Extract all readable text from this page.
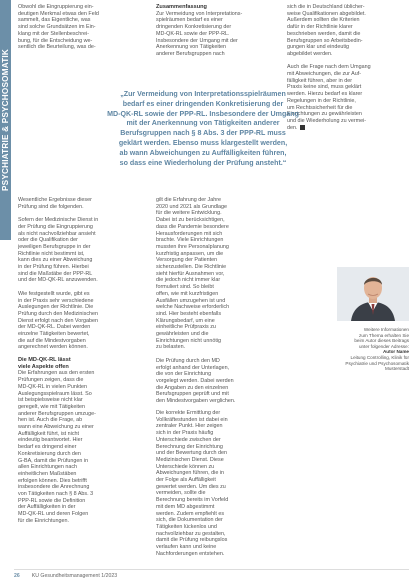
PSYCHIATRIE & PSYCHOSOMATIK
Obwohl die Eingruppierung ein-
deutigen Merkmal etwas den Feld
sammelt, das Eigentliche, was
sind solche Grundsätzen im Ein-
klang mit der Stellenbeschrei-
bung, für die Entscheidung we-
sentlich die Beurteilung, was de-
Zusammenfassung
Zur Vermeidung von Interpretations-
spielräumen bedarf es einer
dringenden Konkretisierung der
MD-QK-RL sowie der PPP-RL.
Insbesondere der Umgang mit der
Anerkennung von Tätigkeiten
anderer Berufsgruppen nach
sich die in Deutschland üblicher-
weise Qualifikationen abgebildet.
Außerdem sollten die Kriterien
dafür in der Richtlinie klarer
beschrieben werden, damit die
Berufsgruppen so Arbeitsbedin-
gungen klar und eindeutig
abgebildet werden.

Auch die Frage nach dem Umgang
mit Abweichungen, die zur Auf-
fälligkeit führen, aber in der
Praxis keine sind, muss geklärt
werden. Hierzu bedarf es klarer
Regelungen in der Richtlinie,
um Rechtssicherheit für die
Einrichtungen zu gewährleisten
und die Wiederholung zu vermei-
den.
„Zur Vermeidung von Interpretationsspielräumen
bedarf es einer dringenden Konkretisierung der
MD-QK-RL sowie der PPP-RL. Insbesondere der Umgang
mit der Anerkennung von Tätigkeiten anderer
Berufsgruppen nach § 8 Abs. 3 der PPP-RL muss
geklärt werden. Ebenso muss klargestellt werden,
ab wann Abweichungen zu Auffälligkeiten führen,
so dass eine Wiederholung der Prüfung ansteht.“
Wesentliche Ergebnisse dieser
Prüfung sind die folgenden.

Sofern der Medizinische Dienst in
der Prüfung die Eingruppierung
als nicht nachvollziehbar ansieht
oder die Qualifikation der
jeweiligen Berufsgruppe in der
Richtlinie nicht bestimmt ist,
kann dies zu einer Abweichung
in der Prüfung führen. Hierbei
sind die Maßstäbe der PPP-RL
und der MD-QK-RL anzuwenden.

Wie festgestellt wurde, gibt es
in der Praxis sehr verschiedene
Auslegungen der Richtlinie. Die
Prüfung durch den Medizinischen
Dienst erfolgt nach den Vorgaben
der MD-QK-RL. Dabei werden
einzelne Tätigkeiten bewertet,
die auf die Mindestvorgaben
angerechnet werden können.
Die MD-QK-RL lässt
viele Aspekte offen
Die Erfahrungen aus den ersten
Prüfungen zeigen, dass die
MD-QK-RL in vielen Punkten
Auslegungsspielraum lässt. So
ist beispielsweise nicht klar
geregelt, wie mit Tätigkeiten
anderer Berufsgruppen umzuge-
hen ist. Auch die Frage, ab
wann eine Abweichung zu einer
Auffälligkeit führt, ist nicht
eindeutig beantwortet. Hier
bedarf es dringend einer
Konkretisierung durch den
G-BA, damit die Prüfungen in
allen Einrichtungen nach
einheitlichen Maßstäben
erfolgen können. Dies betrifft
insbesondere die Anrechnung
von Tätigkeiten nach § 8 Abs. 3
PPP-RL sowie die Definition
der Auffälligkeiten in der
MD-QK-RL und deren Folgen
für die Einrichtungen.
gilt die Erfahrung der Jahre
2020 und 2021 als Grundlage
für die weitere Entwicklung.
Dabei ist zu berücksichtigen,
dass die Pandemie besondere
Herausforderungen mit sich
brachte. Viele Einrichtungen
mussten ihre Personalplanung
kurzfristig anpassen, um die
Versorgung der Patienten
sicherzustellen. Die Richtlinie
sieht hierfür Ausnahmen vor,
die jedoch nicht immer klar
formuliert sind. So bleibt
offen, wie mit kurzfristigen
Ausfällen umzugehen ist und
welche Nachweise erforderlich
sind. Hier besteht ebenfalls
Klärungsbedarf, um eine
einheitliche Prüfpraxis zu
gewährleisten und die
Einrichtungen nicht unnötig
zu belasten.

Die Prüfung durch den MD
erfolgt anhand der Unterlagen,
die von der Einrichtung
vorgelegt werden. Dabei werden
die Angaben zu den einzelnen
Berufsgruppen geprüft und mit
den Mindestvorgaben verglichen.
Die korrekte Ermittlung der
Vollkräftestunden ist dabei ein
zentraler Punkt. Hier zeigen
sich in der Praxis häufig
Unterschiede zwischen der
Berechnung der Einrichtung
und der Bewertung durch den
Medizinischen Dienst. Diese
Unterschiede können zu
Abweichungen führen, die in
der Folge als Auffälligkeit
gewertet werden. Um dies zu
vermeiden, sollte die
Berechnung bereits im Vorfeld
mit dem MD abgestimmt
werden. Zudem empfiehlt es
sich, die Dokumentation der
Tätigkeiten lückenlos und
nachvollziehbar zu gestalten,
damit die Prüfung reibungslos
verlaufen kann und keine
Nachforderungen entstehen.
Weitere Informationen
zum Thema erhalten Sie
beim Autor dieses Beitrags
unter folgender Adresse:
Autor Name
Leitung Controlling, Klinik für
Psychiatrie und Psychosomatik
Musterstadt
26 KU Gesundheitsmanagement 1/2023
